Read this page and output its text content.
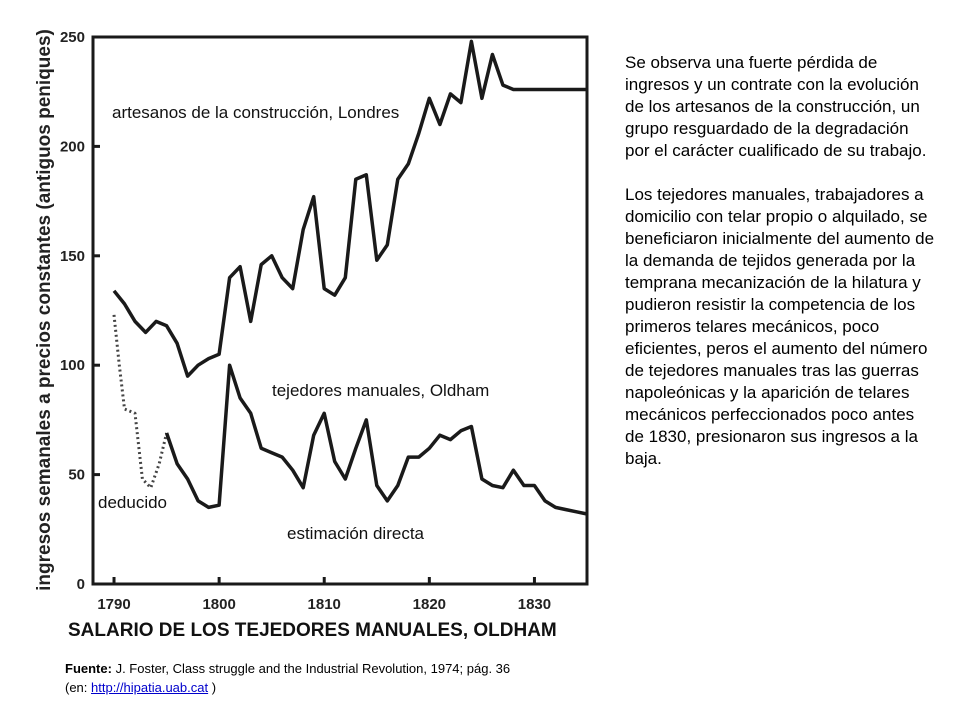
0
50
100
150
200
250
1790	1800	1810	1820	1830
ingresos semanales a precios constantes (antiguos peniques)	artesanos de la construcción, Londres
tejedores manuales, Oldham
deducido
estimación directa
SALARIO DE LOS TEJEDORES MANUALES, OLDHAM

Se observa una fuerte pérdida de ingresos y un contrate con la evolución de los artesanos de la construcción, un grupo resguardado de la degradación por el carácter cualificado de su trabajo.

Los tejedores manuales, trabajadores a domicilio con telar propio o alquilado, se beneficiaron inicialmente del aumento de la demanda de tejidos generada por la temprana mecanización de la hilatura y pudieron resistir la competencia de los primeros telares mecánicos, poco eficientes, peros el aumento del número de tejedores manuales tras las guerras napoleónicas y la aparición de telares mecánicos perfeccionados poco antes de 1830, presionaron sus ingresos a la baja.

Fuente: J. Foster, Class struggle and the Industrial Revolution, 1974; pág. 36
(en: http://hipatia.uab.cat )
